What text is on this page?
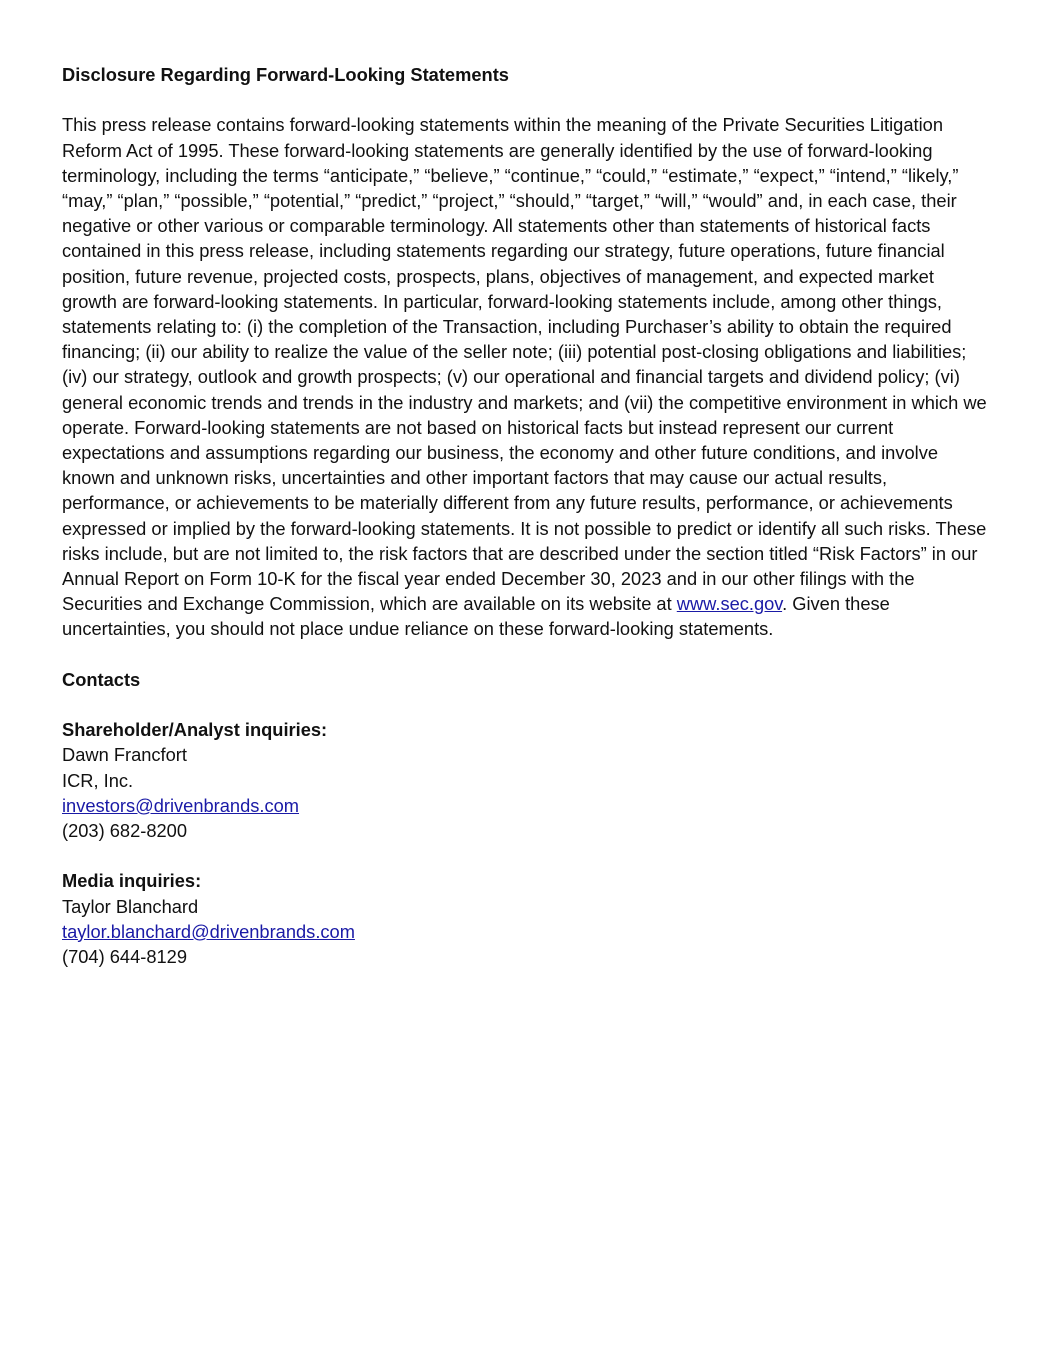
Disclosure Regarding Forward-Looking Statements

This press release contains forward-looking statements within the meaning of the Private Securities Litigation Reform Act of 1995. These forward-looking statements are generally identified by the use of forward-looking terminology, including the terms “anticipate,” “believe,” “continue,” “could,” “estimate,” “expect,” “intend,” “likely,” “may,” “plan,” “possible,” “potential,” “predict,” “project,” “should,” “target,” “will,” “would” and, in each case, their negative or other various or comparable terminology. All statements other than statements of historical facts contained in this press release, including statements regarding our strategy, future operations, future financial position, future revenue, projected costs, prospects, plans, objectives of management, and expected market growth are forward-looking statements. In particular, forward-looking statements include, among other things, statements relating to: (i) the completion of the Transaction, including Purchaser’s ability to obtain the required financing; (ii) our ability to realize the value of the seller note; (iii) potential post-closing obligations and liabilities; (iv) our strategy, outlook and growth prospects; (v) our operational and financial targets and dividend policy; (vi) general economic trends and trends in the industry and markets; and (vii) the competitive environment in which we operate. Forward-looking statements are not based on historical facts but instead represent our current expectations and assumptions regarding our business, the economy and other future conditions, and involve known and unknown risks, uncertainties and other important factors that may cause our actual results, performance, or achievements to be materially different from any future results, performance, or achievements expressed or implied by the forward-looking statements. It is not possible to predict or identify all such risks. These risks include, but are not limited to, the risk factors that are described under the section titled “Risk Factors” in our Annual Report on Form 10-K for the fiscal year ended December 30, 2023 and in our other filings with the Securities and Exchange Commission, which are available on its website at www.sec.gov. Given these uncertainties, you should not place undue reliance on these forward-looking statements.

Contacts

Shareholder/Analyst inquiries:
Dawn Francfort
ICR, Inc.
investors@drivenbrands.com
(203) 682-8200
Media inquiries:
Taylor Blanchard
taylor.blanchard@drivenbrands.com
(704) 644-8129
